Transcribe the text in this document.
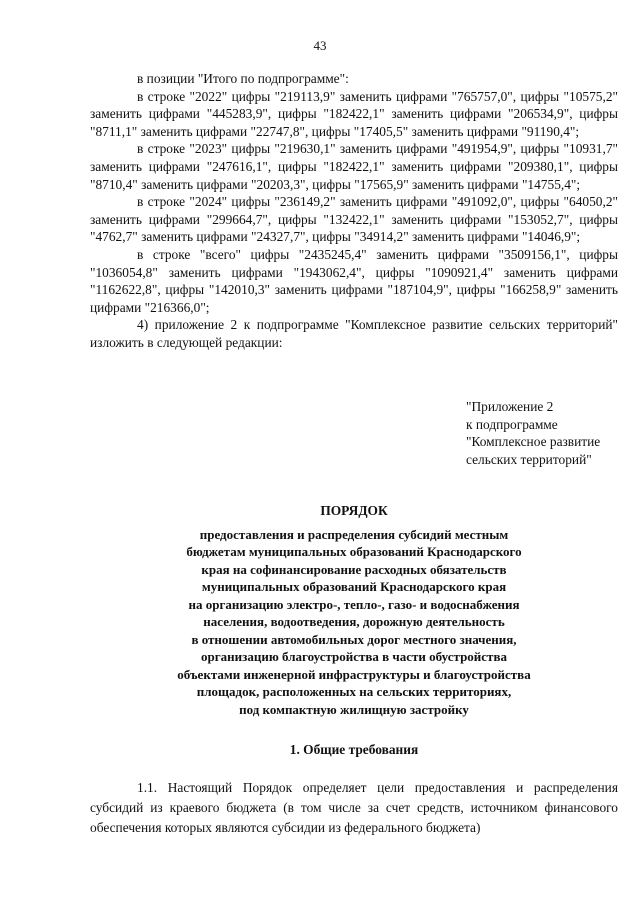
43

в позиции "Итого по подпрограмме":

в строке "2022" цифры "219113,9" заменить цифрами "765757,0", цифры "10575,2" заменить цифрами "445283,9", цифры "182422,1" заменить цифрами "206534,9", цифры "8711,1" заменить цифрами "22747,8", цифры "17405,5" заменить цифрами "91190,4";

в строке "2023" цифры "219630,1" заменить цифрами "491954,9", цифры "10931,7" заменить цифрами "247616,1", цифры "182422,1" заменить цифрами "209380,1", цифры "8710,4" заменить цифрами "20203,3", цифры "17565,9" заменить цифрами "14755,4";

в строке "2024" цифры "236149,2" заменить цифрами "491092,0", цифры "64050,2" заменить цифрами "299664,7", цифры "132422,1" заменить цифрами "153052,7", цифры "4762,7" заменить цифрами "24327,7", цифры "34914,2" заменить цифрами "14046,9";

в строке "всего" цифры "2435245,4" заменить цифрами "3509156,1", цифры "1036054,8" заменить цифрами "1943062,4", цифры "1090921,4" заменить цифрами "1162622,8", цифры "142010,3" заменить цифрами "187104,9", цифры "166258,9" заменить цифрами "216366,0";

4) приложение 2 к подпрограмме "Комплексное развитие сельских территорий" изложить в следующей редакции:

"Приложение 2
к подпрограмме
"Комплексное развитие
сельских территорий"
ПОРЯДОК
предоставления и распределения субсидий местным
бюджетам муниципальных образований Краснодарского
края на софинансирование расходных обязательств
муниципальных образований Краснодарского края
на организацию электро-, тепло-, газо- и водоснабжения
населения, водоотведения, дорожную деятельность
в отношении автомобильных дорог местного значения,
организацию благоустройства в части обустройства
объектами инженерной инфраструктуры и благоустройства
площадок, расположенных на сельских территориях,
под компактную жилищную застройку
1. Общие требования

1.1. Настоящий Порядок определяет цели предоставления и распределения субсидий из краевого бюджета (в том числе за счет средств, источником финансового обеспечения которых являются субсидии из федерального бюджета)
